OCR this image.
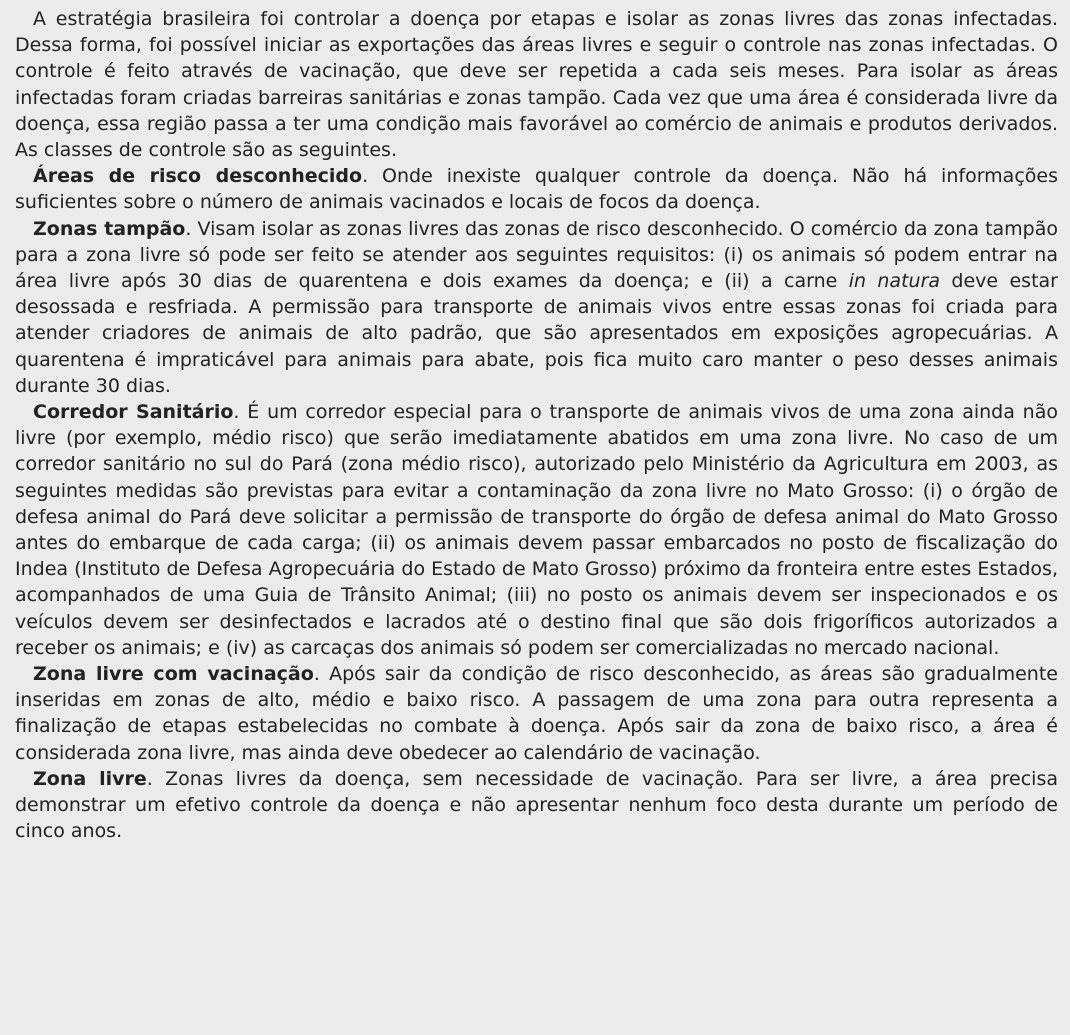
A estratégia brasileira foi controlar a doença por etapas e isolar as zonas livres das zonas infectadas. Dessa forma, foi possível iniciar as exportações das áreas livres e seguir o controle nas zonas infectadas. O controle é feito através de vacinação, que deve ser repetida a cada seis meses. Para isolar as áreas infectadas foram criadas barreiras sanitárias e zonas tampão. Cada vez que uma área é considerada livre da doença, essa região passa a ter uma condição mais favorável ao comércio de animais e produtos derivados. As classes de controle são as seguintes.

Áreas de risco desconhecido. Onde inexiste qualquer controle da doença. Não há informações suficientes sobre o número de animais vacinados e locais de focos da doença.

Zonas tampão. Visam isolar as zonas livres das zonas de risco desconhecido. O comércio da zona tampão para a zona livre só pode ser feito se atender aos seguintes requisitos: (i) os animais só podem entrar na área livre após 30 dias de quarentena e dois exames da doença; e (ii) a carne in natura deve estar desossada e resfriada. A permissão para transporte de animais vivos entre essas zonas foi criada para atender criadores de animais de alto padrão, que são apresentados em exposições agropecuárias. A quarentena é impraticável para animais para abate, pois fica muito caro manter o peso desses animais durante 30 dias.

Corredor Sanitário. É um corredor especial para o transporte de animais vivos de uma zona ainda não livre (por exemplo, médio risco) que serão imediatamente abatidos em uma zona livre. No caso de um corredor sanitário no sul do Pará (zona médio risco), autorizado pelo Ministério da Agricultura em 2003, as seguintes medidas são previstas para evitar a contaminação da zona livre no Mato Grosso: (i) o órgão de defesa animal do Pará deve solicitar a permissão de transporte do órgão de defesa animal do Mato Grosso antes do embarque de cada carga; (ii) os animais devem passar embarcados no posto de fiscalização do Indea (Instituto de Defesa Agropecuária do Estado de Mato Grosso) próximo da fronteira entre estes Estados, acompanhados de uma Guia de Trânsito Animal; (iii) no posto os animais devem ser inspecionados e os veículos devem ser desinfectados e lacrados até o destino final que são dois frigoríficos autorizados a receber os animais; e (iv) as carcaças dos animais só podem ser comercializadas no mercado nacional.

Zona livre com vacinação. Após sair da condição de risco desconhecido, as áreas são gradualmente inseridas em zonas de alto, médio e baixo risco. A passagem de uma zona para outra representa a finalização de etapas estabelecidas no combate à doença. Após sair da zona de baixo risco, a área é considerada zona livre, mas ainda deve obedecer ao calendário de vacinação.

Zona livre. Zonas livres da doença, sem necessidade de vacinação. Para ser livre, a área precisa demonstrar um efetivo controle da doença e não apresentar nenhum foco desta durante um período de cinco anos.
